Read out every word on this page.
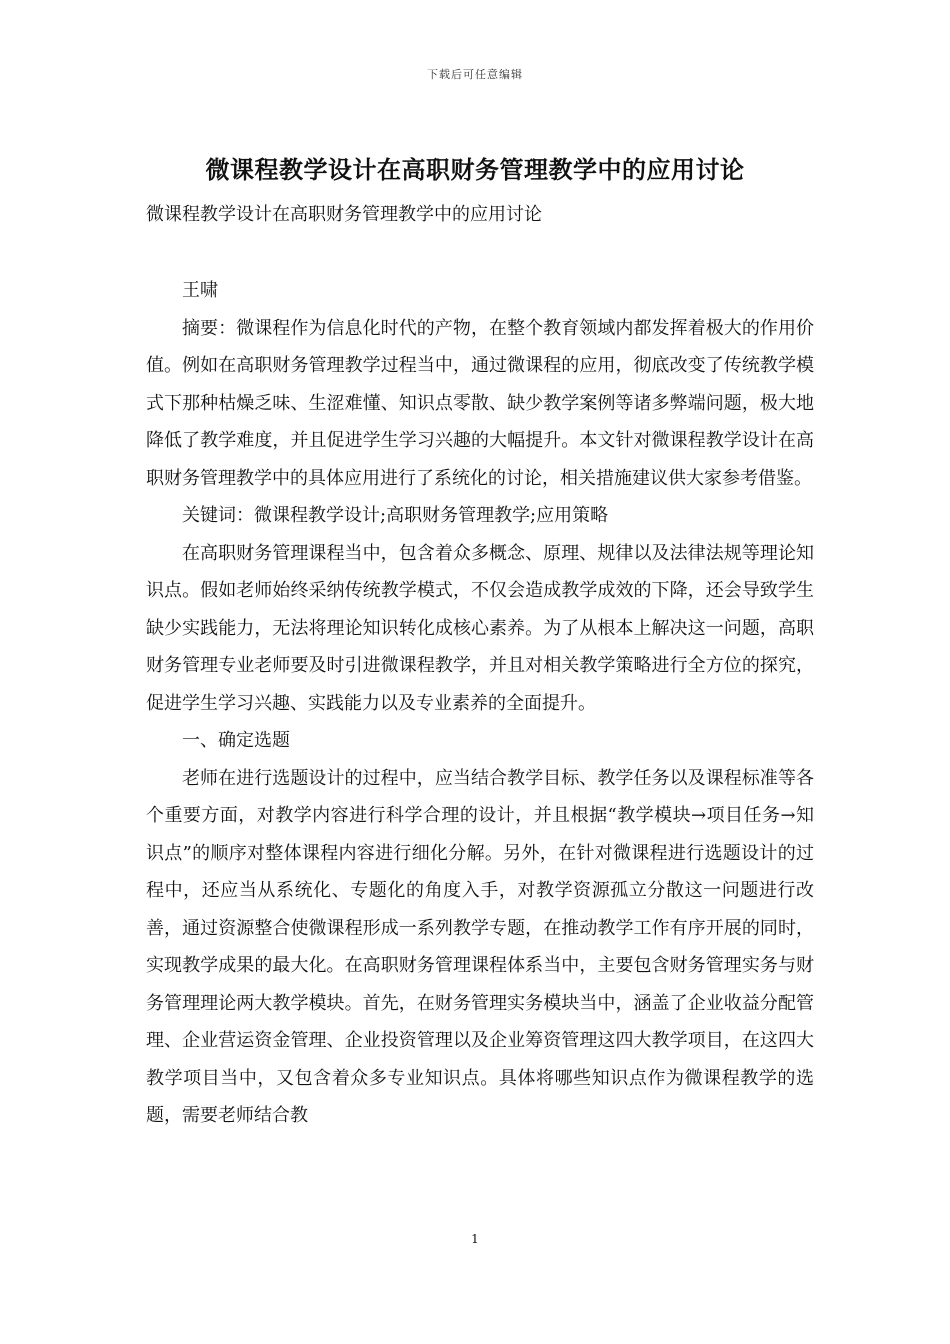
下载后可任意编辑
微课程教学设计在高职财务管理教学中的应用讨论

微课程教学设计在高职财务管理教学中的应用讨论

王啸

摘要：微课程作为信息化时代的产物，在整个教育领域内都发挥着极大的作用价值。例如在高职财务管理教学过程当中，通过微课程的应用，彻底改变了传统教学模式下那种枯燥乏味、生涩难懂、知识点零散、缺少教学案例等诸多弊端问题，极大地降低了教学难度，并且促进学生学习兴趣的大幅提升。本文针对微课程教学设计在高职财务管理教学中的具体应用进行了系统化的讨论，相关措施建议供大家参考借鉴。

关键词：微课程教学设计;高职财务管理教学;应用策略

在高职财务管理课程当中，包含着众多概念、原理、规律以及法律法规等理论知识点。假如老师始终采纳传统教学模式，不仅会造成教学成效的下降，还会导致学生缺少实践能力，无法将理论知识转化成核心素养。为了从根本上解决这一问题，高职财务管理专业老师要及时引进微课程教学，并且对相关教学策略进行全方位的探究，促进学生学习兴趣、实践能力以及专业素养的全面提升。

一、确定选题

老师在进行选题设计的过程中，应当结合教学目标、教学任务以及课程标准等各个重要方面，对教学内容进行科学合理的设计，并且根据“教学模块→项目任务→知识点”的顺序对整体课程内容进行细化分解。另外，在针对微课程进行选题设计的过程中，还应当从系统化、专题化的角度入手，对教学资源孤立分散这一问题进行改善，通过资源整合使微课程形成一系列教学专题，在推动教学工作有序开展的同时，实现教学成果的最大化。在高职财务管理课程体系当中，主要包含财务管理实务与财务管理理论两大教学模块。首先，在财务管理实务模块当中，涵盖了企业收益分配管理、企业营运资金管理、企业投资管理以及企业筹资管理这四大教学项目，在这四大教学项目当中，又包含着众多专业知识点。具体将哪些知识点作为微课程教学的选题，需要老师结合教

1
